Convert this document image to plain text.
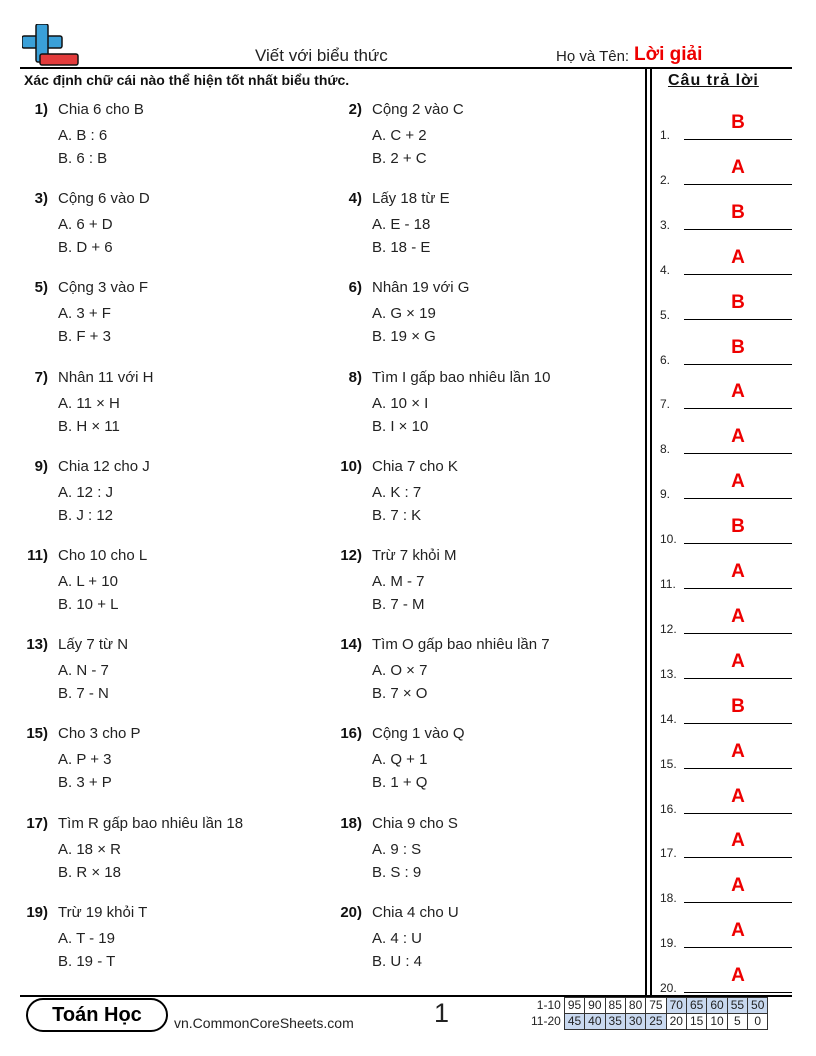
Viết với biểu thức	Họ và Tên: Lời giải
Xác định chữ cái nào thể hiện tốt nhất biểu thức.	Câu trả lời
1) Chia 6 cho B
A. B : 6
B. 6 : B
2) Cộng 2 vào C
A. C + 2
B. 2 + C
3) Cộng 6 vào D
A. 6 + D
B. D + 6
4) Lấy 18 từ E
A. E - 18
B. 18 - E
5) Cộng 3 vào F
A. 3 + F
B. F + 3
6) Nhân 19 với G
A. G × 19
B. 19 × G
7) Nhân 11 với H
A. 11 × H
B. H × 11
8) Tìm I gấp bao nhiêu lần 10
A. 10 × I
B. I × 10
9) Chia 12 cho J
A. 12 : J
B. J : 12
10) Chia 7 cho K
A. K : 7
B. 7 : K
11) Cho 10 cho L
A. L + 10
B. 10 + L
12) Trừ 7 khỏi M
A. M - 7
B. 7 - M
13) Lấy 7 từ N
A. N - 7
B. 7 - N
14) Tìm O gấp bao nhiêu lần 7
A. O × 7
B. 7 × O
15) Cho 3 cho P
A. P + 3
B. 3 + P
16) Cộng 1 vào Q
A. Q + 1
B. 1 + Q
17) Tìm R gấp bao nhiêu lần 18
A. 18 × R
B. R × 18
18) Chia 9 cho S
A. 9 : S
B. S : 9
19) Trừ 19 khỏi T
A. T - 19
B. 19 - T
20) Chia 4 cho U
A. 4 : U
B. U : 4
1.
B
2.
A
3.
B
4.
A
5.
B
6.
B
7.
A
8.
A
9.
A
10.
B
11.
A
12.
A
13.
A
14.
B
15.
A
16.
A
17.
A
18.
A
19.
A
20.
A
Toán Học	vn.CommonCoreSheets.com	1	1-10	95	90	85	80	75	70	65	60	55	50
11-20	45	40	35	30	25	20	15	10	5	0
